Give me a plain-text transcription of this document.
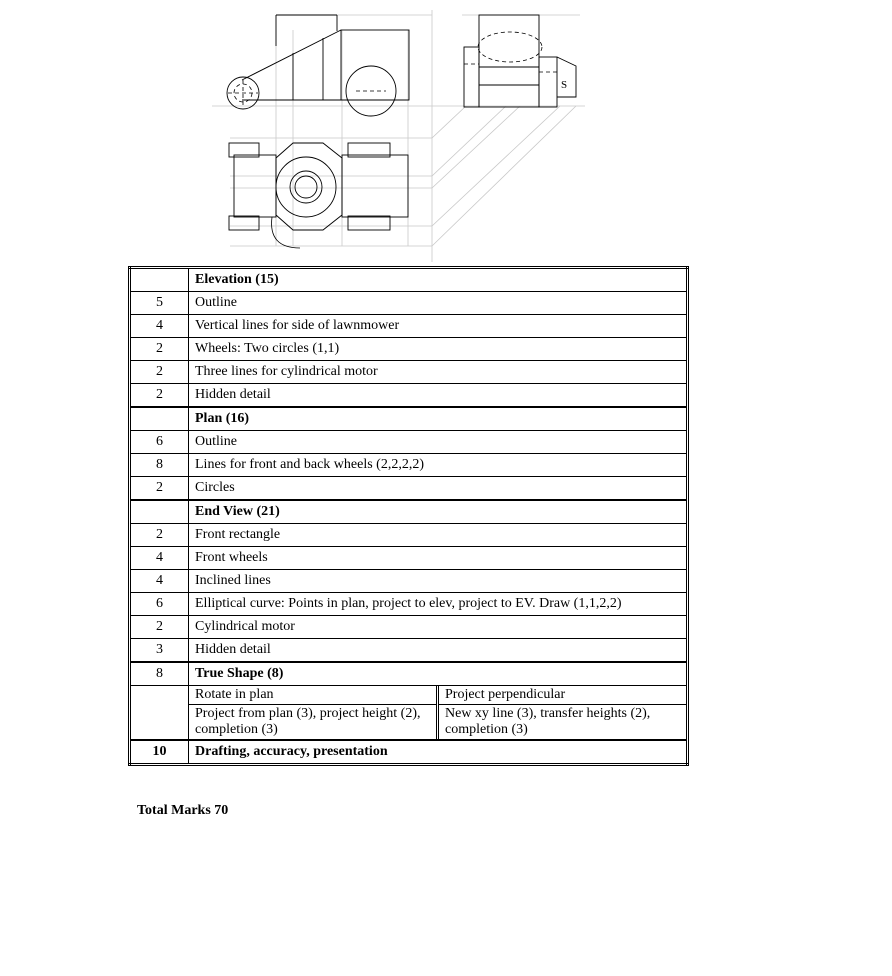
S
	Elevation (15)
5	Outline
4	Vertical lines for side of lawnmower
2	Wheels: Two circles (1,1)
2	Three lines for cylindrical motor
2	Hidden detail
	Plan (16)
6	Outline
8	Lines for front and back wheels (2,2,2,2)
2	Circles
	End View (21)
2	Front rectangle
4	Front wheels
4	Inclined lines
6	Elliptical curve: Points in plan, project to elev, project to EV. Draw (1,1,2,2)
2	Cylindrical motor
3	Hidden detail
8	True Shape (8)

Rotate in plan	Project perpendicular
Project from plan (3), project height (2), completion (3)	New xy line (3), transfer heights (2), completion (3)

10	Drafting, accuracy, presentation
Total Marks 70
